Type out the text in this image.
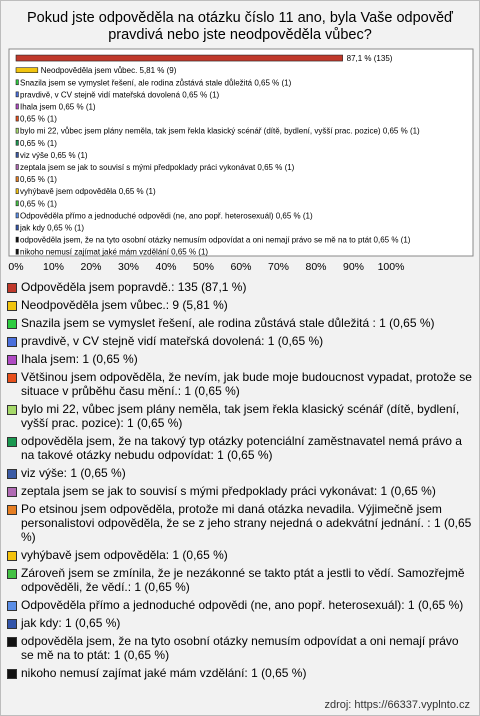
Pokud jste odpověděla na otázku číslo 11 ano, byla Vaše odpověď pravdivá nebo jste neodpověděla vůbec?
87,1 % (135)
Neodpověděla jsem vůbec. 5,81 % (9)
Snazila jsem se vymyslet řešení, ale rodina zůstává stale důležitá 0,65 % (1)
pravdivě, v CV stejně vidí mateřská dovolená 0,65 % (1)
Ihala jsem 0,65 % (1)
0,65 % (1)
bylo mi 22, vůbec jsem plány neměla, tak jsem řekla klasický scénář (dítě, bydlení, vyšší prac. pozice) 0,65 % (1)
0,65 % (1)
viz výše 0,65 % (1)
zeptala jsem se jak to souvisí s mými předpoklady práci vykonávat 0,65 % (1)
0,65 % (1)
vyhýbavě jsem odpověděla 0,65 % (1)
0,65 % (1)
Odpověděla přímo a jednoduché odpovědi (ne, ano popř. heterosexuál) 0,65 % (1)
jak kdy 0,65 % (1)
odpověděla jsem, že na tyto osobní otázky nemusím odpovídat a oni nemají právo se mě na to ptát 0,65 % (1)
nikoho nemusí zajímat jaké mám vzdělání 0,65 % (1)
0% 10% 20% 30% 40% 50% 60% 70% 80% 90% 100%
Odpověděla jsem popravdě.: 135 (87,1 %)
Neodpověděla jsem vůbec.: 9 (5,81 %)
Snazila jsem se vymyslet řešení, ale rodina zůstává stale důležitá : 1 (0,65 %)
pravdivě, v CV stejně vidí mateřská dovolená: 1 (0,65 %)
Ihala jsem: 1 (0,65 %)
Většinou jsem odpověděla, že nevím, jak bude moje budoucnost vypadat, protože se situace v průběhu času mění.: 1 (0,65 %)
bylo mi 22, vůbec jsem plány neměla, tak jsem řekla klasický scénář (dítě, bydlení, vyšší prac. pozice): 1 (0,65 %)
odpověděla jsem, že na takový typ otázky potenciální zaměstnavatel nemá právo a na takové otázky nebudu odpovídat: 1 (0,65 %)
viz výše: 1 (0,65 %)
zeptala jsem se jak to souvisí s mými předpoklady práci vykonávat: 1 (0,65 %)
Po etsinou jsem odpověděla, protože mi daná otázka nevadila. Výjimečně jsem personalistovi odpověděla, že se z jeho strany nejedná o adekvátní jednání. : 1 (0,65 %)
vyhýbavě jsem odpověděla: 1 (0,65 %)
Zároveň jsem se zmínila, že je nezákonné se takto ptát a jestli to vědí. Samozřejmě odpověděli, že vědí.: 1 (0,65 %)
Odpověděla přímo a jednoduché odpovědi (ne, ano popř. heterosexuál): 1 (0,65 %)
jak kdy: 1 (0,65 %)
odpověděla jsem, že na tyto osobní otázky nemusím odpovídat a oni nemají právo se mě na to ptát: 1 (0,65 %)
nikoho nemusí zajímat jaké mám vzdělání: 1 (0,65 %)
zdroj: https://66337.vyplnto.cz
